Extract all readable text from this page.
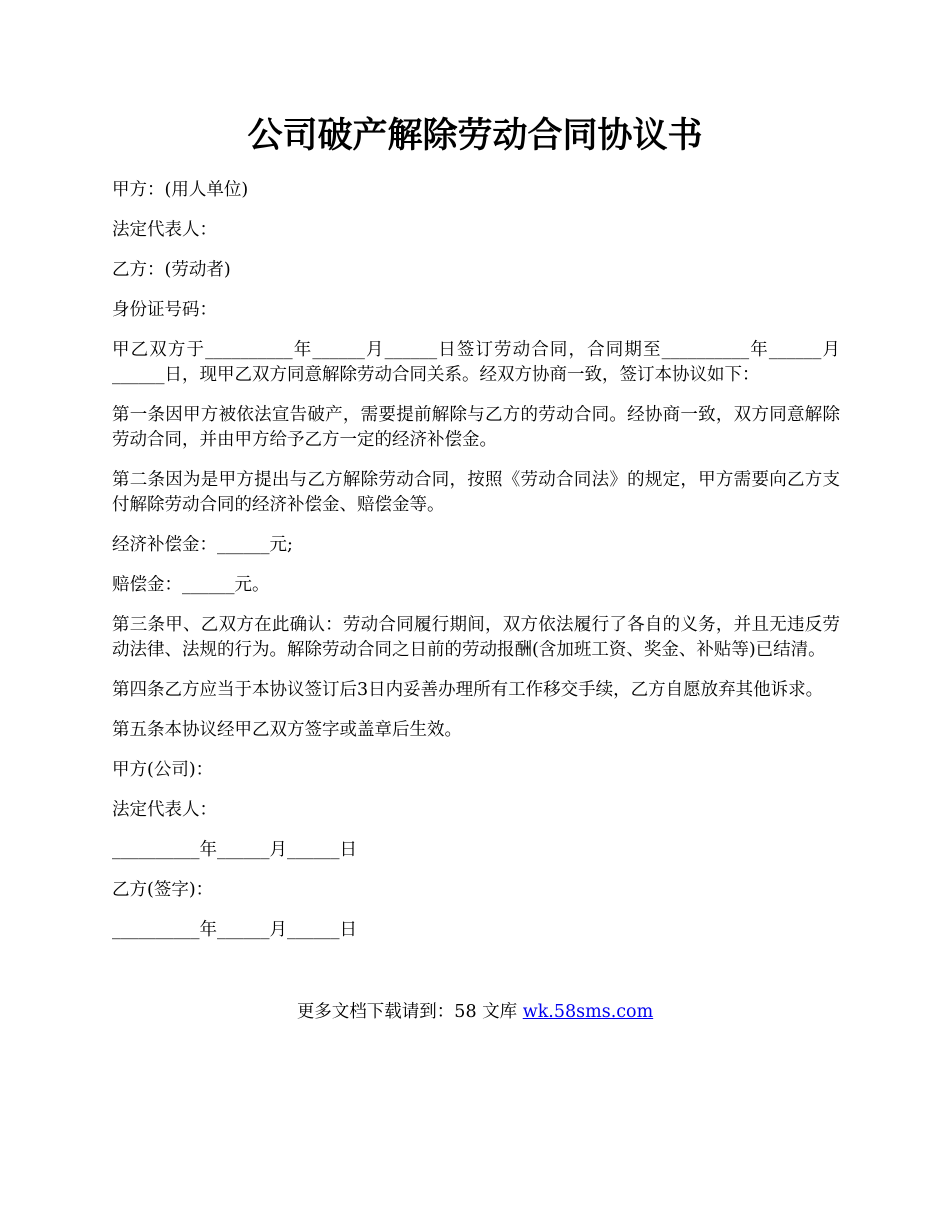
公司破产解除劳动合同协议书

甲方：(用人单位)

法定代表人：

乙方：(劳动者)

身份证号码：

甲乙双方于__________年______月______日签订劳动合同，合同期至__________年______月______日，现甲乙双方同意解除劳动合同关系。经双方协商一致，签订本协议如下：

第一条因甲方被依法宣告破产，需要提前解除与乙方的劳动合同。经协商一致，双方同意解除劳动合同，并由甲方给予乙方一定的经济补偿金。

第二条因为是甲方提出与乙方解除劳动合同，按照《劳动合同法》的规定，甲方需要向乙方支付解除劳动合同的经济补偿金、赔偿金等。

经济补偿金：______元;

赔偿金：______元。

第三条甲、乙双方在此确认：劳动合同履行期间，双方依法履行了各自的义务，并且无违反劳动法律、法规的行为。解除劳动合同之日前的劳动报酬(含加班工资、奖金、补贴等)已结清。

第四条乙方应当于本协议签订后3日内妥善办理所有工作移交手续，乙方自愿放弃其他诉求。

第五条本协议经甲乙双方签字或盖章后生效。

甲方(公司)：

法定代表人：

__________年______月______日

乙方(签字)：

__________年______月______日

更多文档下载请到：58 文库 wk.58sms.com
